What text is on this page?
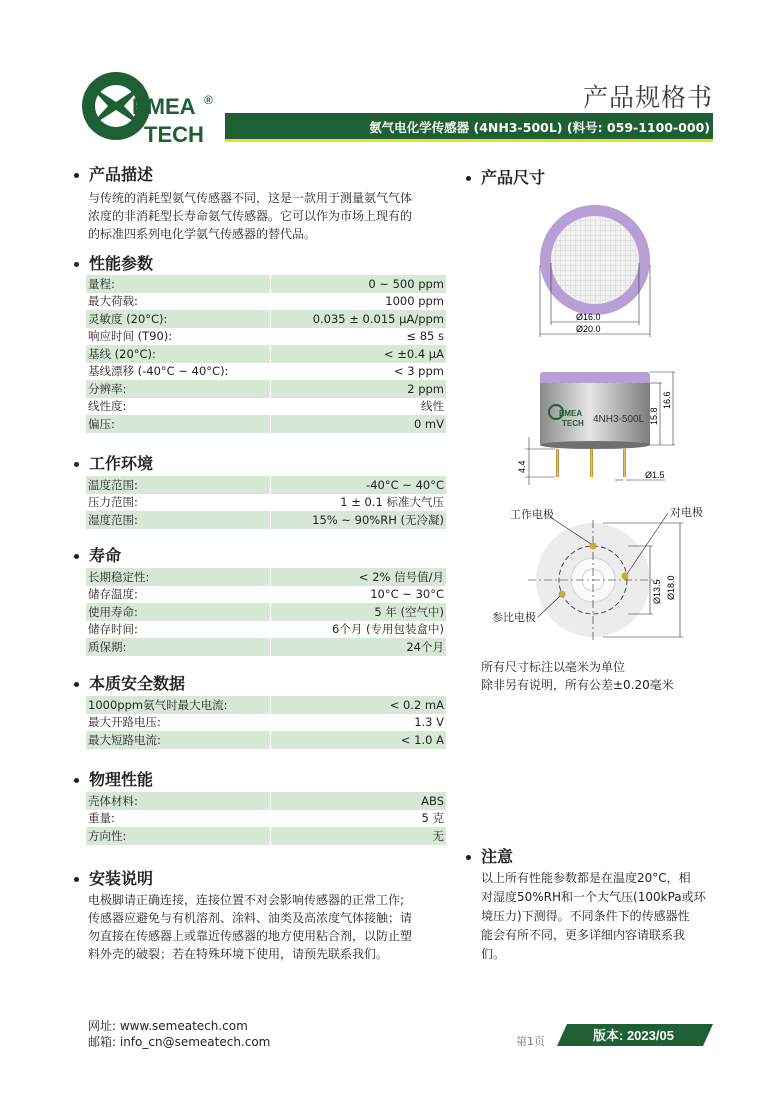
EMEA
TECH
®	产品规格书
氨气电化学传感器 (4NH3-500L) (料号: 059-1100-000)
产品描述
与传统的消耗型氨气传感器不同，这是一款用于测量氨气气体
浓度的非消耗型长寿命氨气传感器。它可以作为市场上现有的
的标准四系列电化学氨气传感器的替代品。
性能参数
量程:	0 ~ 500 ppm
最大荷载:	1000 ppm
灵敏度 (20°C):	0.035 ± 0.015 μA/ppm
响应时间 (T90):	≤ 85 s
基线 (20°C):	< ±0.4 μA
基线漂移 (-40°C ~ 40°C):	< 3 ppm
分辨率:	2 ppm
线性度:	线性
偏压:	0 mV
工作环境
温度范围:	-40°C ~ 40°C
压力范围:	1 ± 0.1 标准大气压
湿度范围:	15% ~ 90%RH (无冷凝)
寿命
长期稳定性:	< 2% 信号值/月
储存温度:	10°C ~ 30°C
使用寿命:	5 年 (空气中)
储存时间:	6个月 (专用包装盒中)
质保期:	24个月
本质安全数据
1000ppm氨气时最大电流:	< 0.2 mA
最大开路电压:	1.3 V
最大短路电流:	< 1.0 A
物理性能
壳体材料:	ABS
重量:	5 克
方向性:	无
安装说明
电极脚请正确连接，连接位置不对会影响传感器的正常工作;
传感器应避免与有机溶剂、涂料、油类及高浓度气体接触；请
勿直接在传感器上或靠近传感器的地方使用粘合剂，以防止塑
料外壳的破裂；若在特殊环境下使用，请预先联系我们。
产品尺寸
Ø16.0
Ø20.0
EMEA
TECH 4NH3-500L 15.8
16.6
4.4
Ø1.5
Ø13.5 Ø18.0
工作电极	对电极
参比电极
所有尺寸标注以毫米为单位
除非另有说明，所有公差±0.20毫米
注意
以上所有性能参数都是在温度20°C，相
对湿度50%RH和一个大气压(100kPa或环
境压力)下测得。不同条件下的传感器性
能会有所不同，更多详细内容请联系我
们。
网址: www.semeatech.com
邮箱: info_cn@semeatech.com	第1页	版本: 2023/05
